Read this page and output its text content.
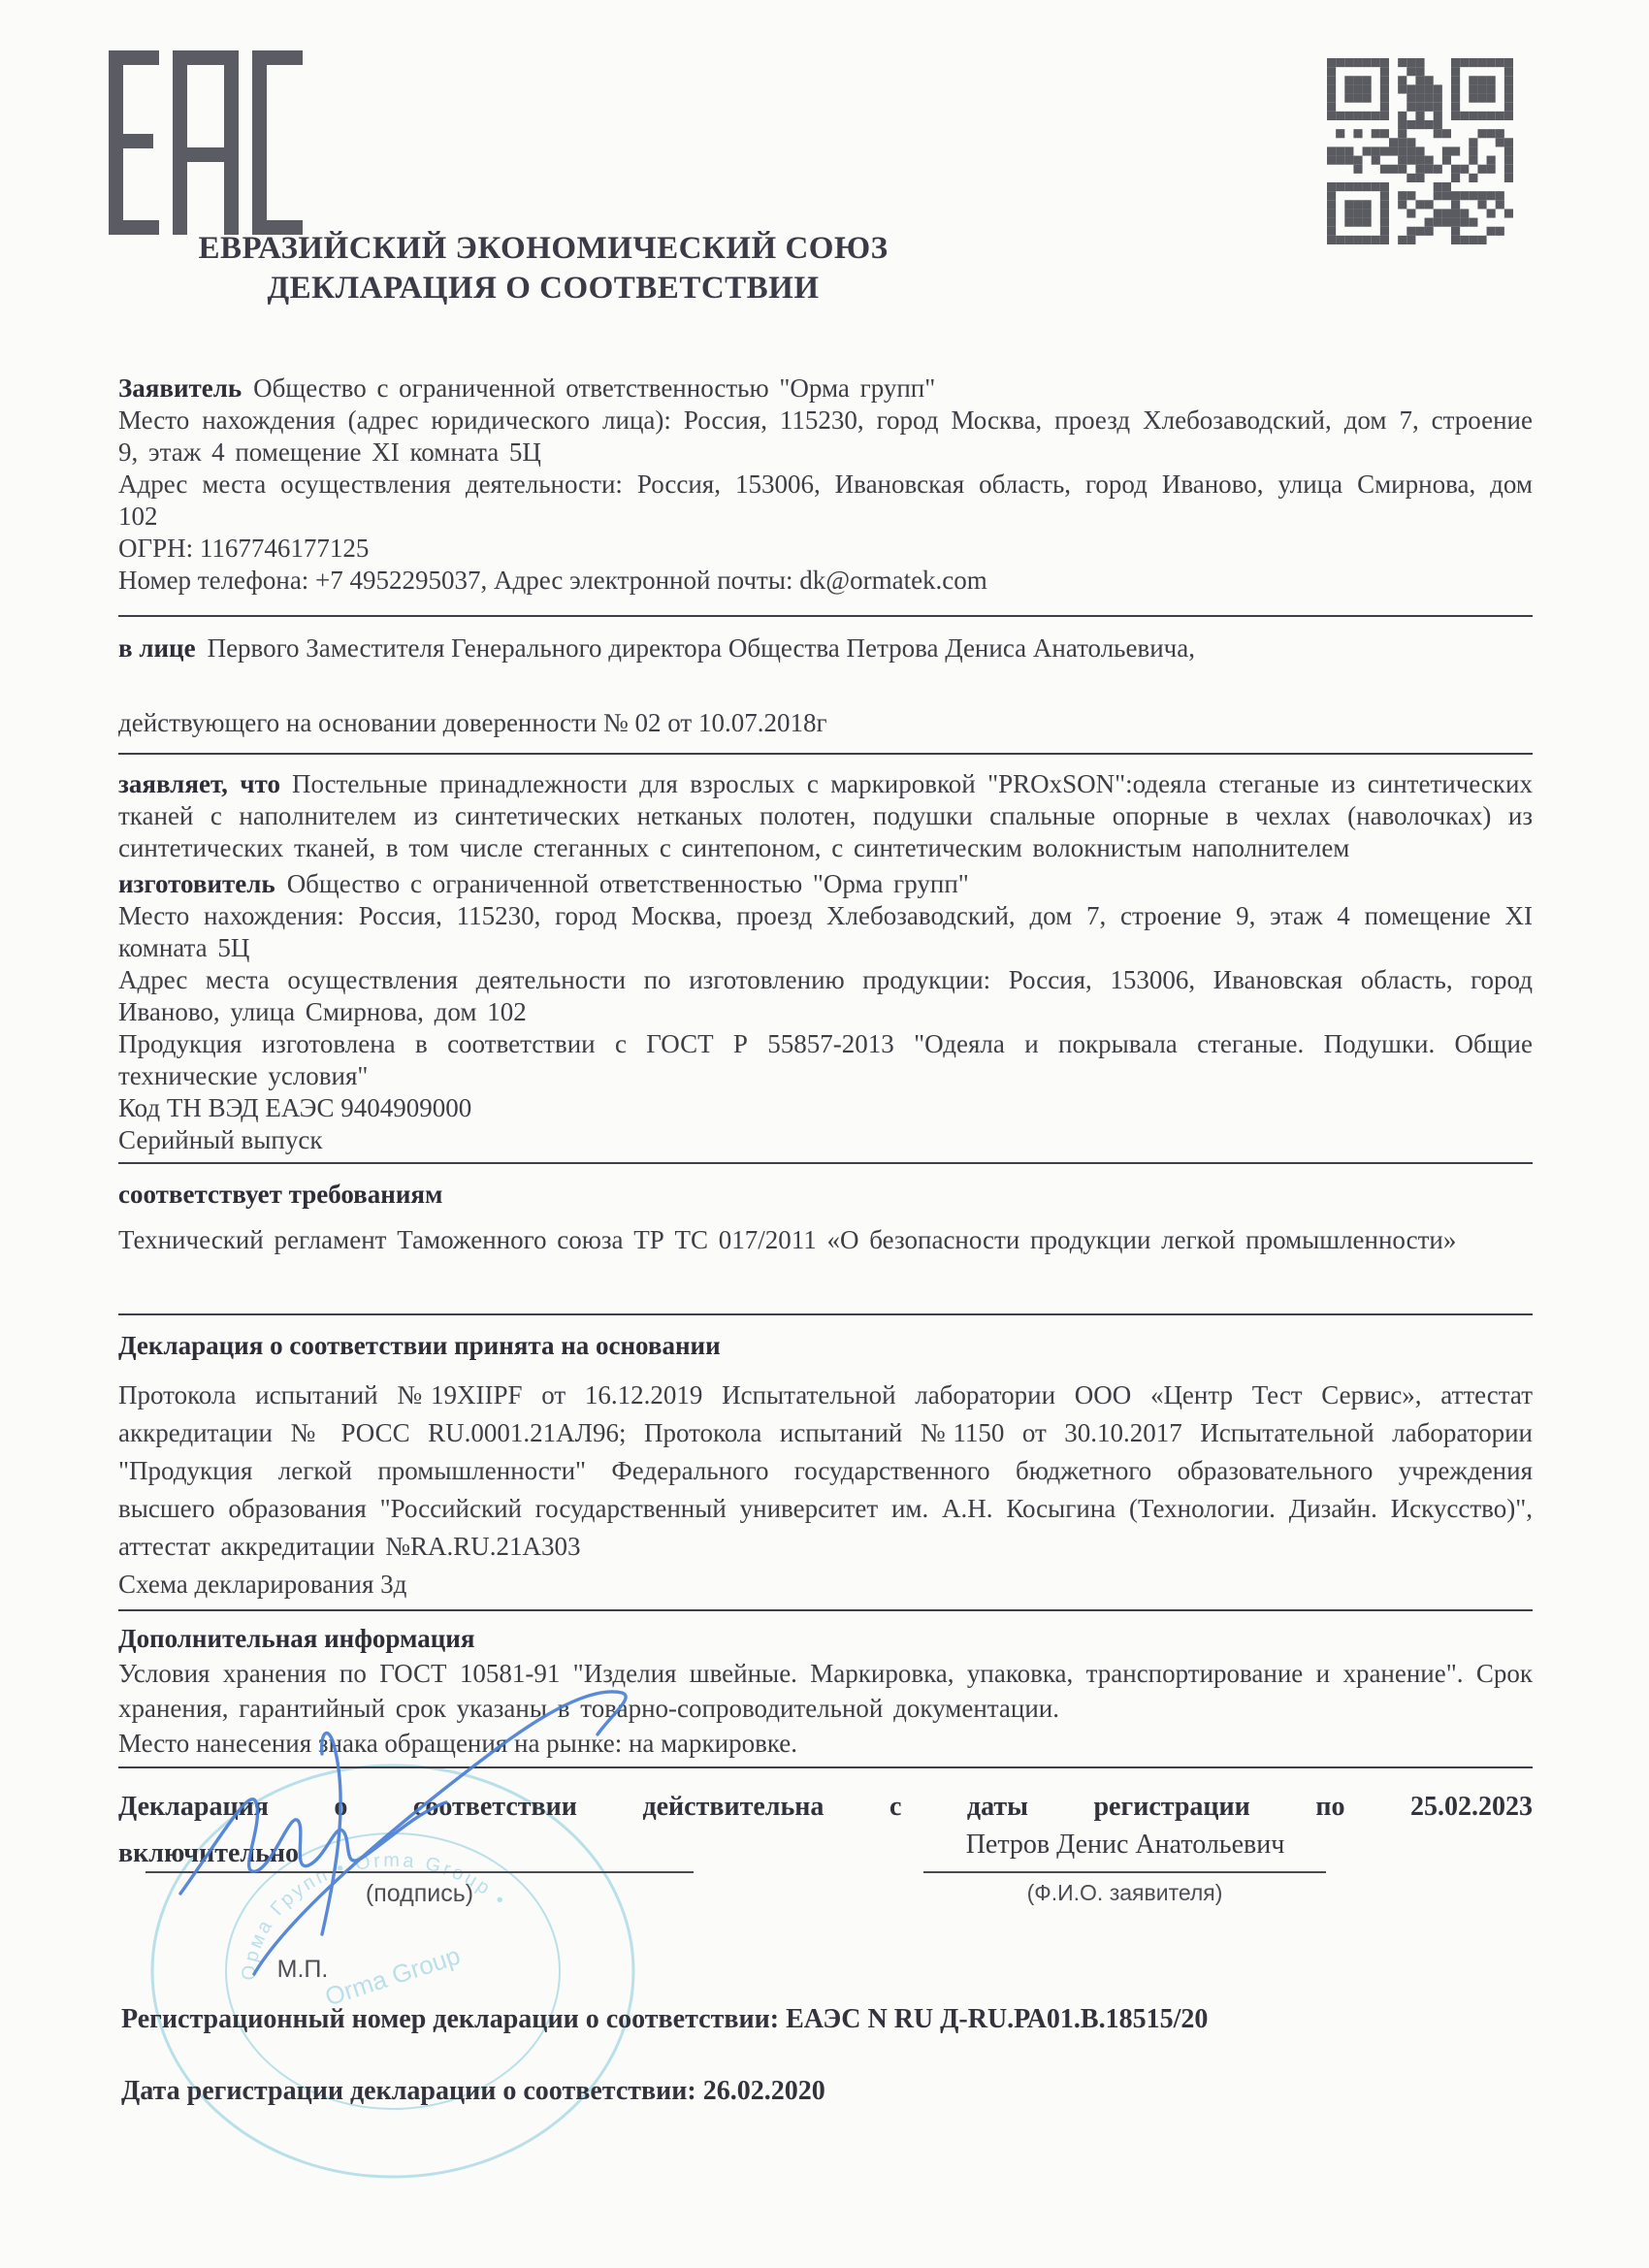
Орма Групп • Orma Group •
Orma Group
ЕВРАЗИЙСКИЙ ЭКОНОМИЧЕСКИЙ СОЮЗ
ДЕКЛАРАЦИЯ О СООТВЕТСТВИИ

Заявитель Общество с ограниченной ответственностью "Орма групп"

Место нахождения (адрес юридического лица): Россия, 115230, город Москва, проезд Хлебозаводский, дом 7, строение 9, этаж 4 помещение XI комната 5Ц

Адрес места осуществления деятельности: Россия, 153006, Ивановская область, город Иваново, улица Смирнова, дом 102

ОГРН: 1167746177125

Номер телефона: +7 4952295037, Адрес электронной почты: dk@ormatek.com

в лице Первого Заместителя Генерального директора Общества Петрова Дениса Анатольевича,

действующего на основании доверенности № 02 от 10.07.2018г

заявляет, что Постельные принадлежности для взрослых с маркировкой "PROxSON":одеяла стеганые из синтетических тканей с наполнителем из синтетических нетканых полотен, подушки спальные опорные в чехлах (наволочках) из синтетических тканей, в том числе стеганных с синтепоном, с синтетическим волокнистым наполнителем

изготовитель Общество с ограниченной ответственностью "Орма групп"

Место нахождения: Россия, 115230, город Москва, проезд Хлебозаводский, дом 7, строение 9, этаж 4 помещение XI комната 5Ц

Адрес места осуществления деятельности по изготовлению продукции: Россия, 153006, Ивановская область, город Иваново, улица Смирнова, дом 102

Продукция изготовлена в соответствии с ГОСТ Р 55857-2013 "Одеяла и покрывала стеганые. Подушки. Общие технические условия"

Код ТН ВЭД ЕАЭС 9404909000

Серийный выпуск

соответствует требованиям

Технический регламент Таможенного союза ТР ТС 017/2011 «О безопасности продукции легкой промышленности»

Декларация о соответствии принята на основании

Протокола испытаний №19XIIPF от 16.12.2019 Испытательной лаборатории ООО «Центр Тест Сервис», аттестат аккредитации № РОСС RU.0001.21АЛ96; Протокола испытаний №1150 от 30.10.2017 Испытательной лаборатории "Продукция легкой промышленности" Федерального государственного бюджетного образовательного учреждения высшего образования "Российский государственный университет им. А.Н. Косыгина (Технологии. Дизайн. Искусство)", аттестат аккредитации №RA.RU.21A303

Схема декларирования 3д

Дополнительная информация

Условия хранения по ГОСТ 10581-91 "Изделия швейные. Маркировка, упаковка, транспортирование и хранение". Срок хранения, гарантийный срок указаны в товарно-сопроводительной документации.

Место нанесения знака обращения на рынке: на маркировке.

Декларация о соответствии действительна с даты регистрации по 25.02.2023
включительно
(подпись)
М.П.
Петров Денис Анатольевич
(Ф.И.О. заявителя)
Регистрационный номер декларации о соответствии: ЕАЭС N RU Д-RU.РА01.В.18515/20
Дата регистрации декларации о соответствии: 26.02.2020
